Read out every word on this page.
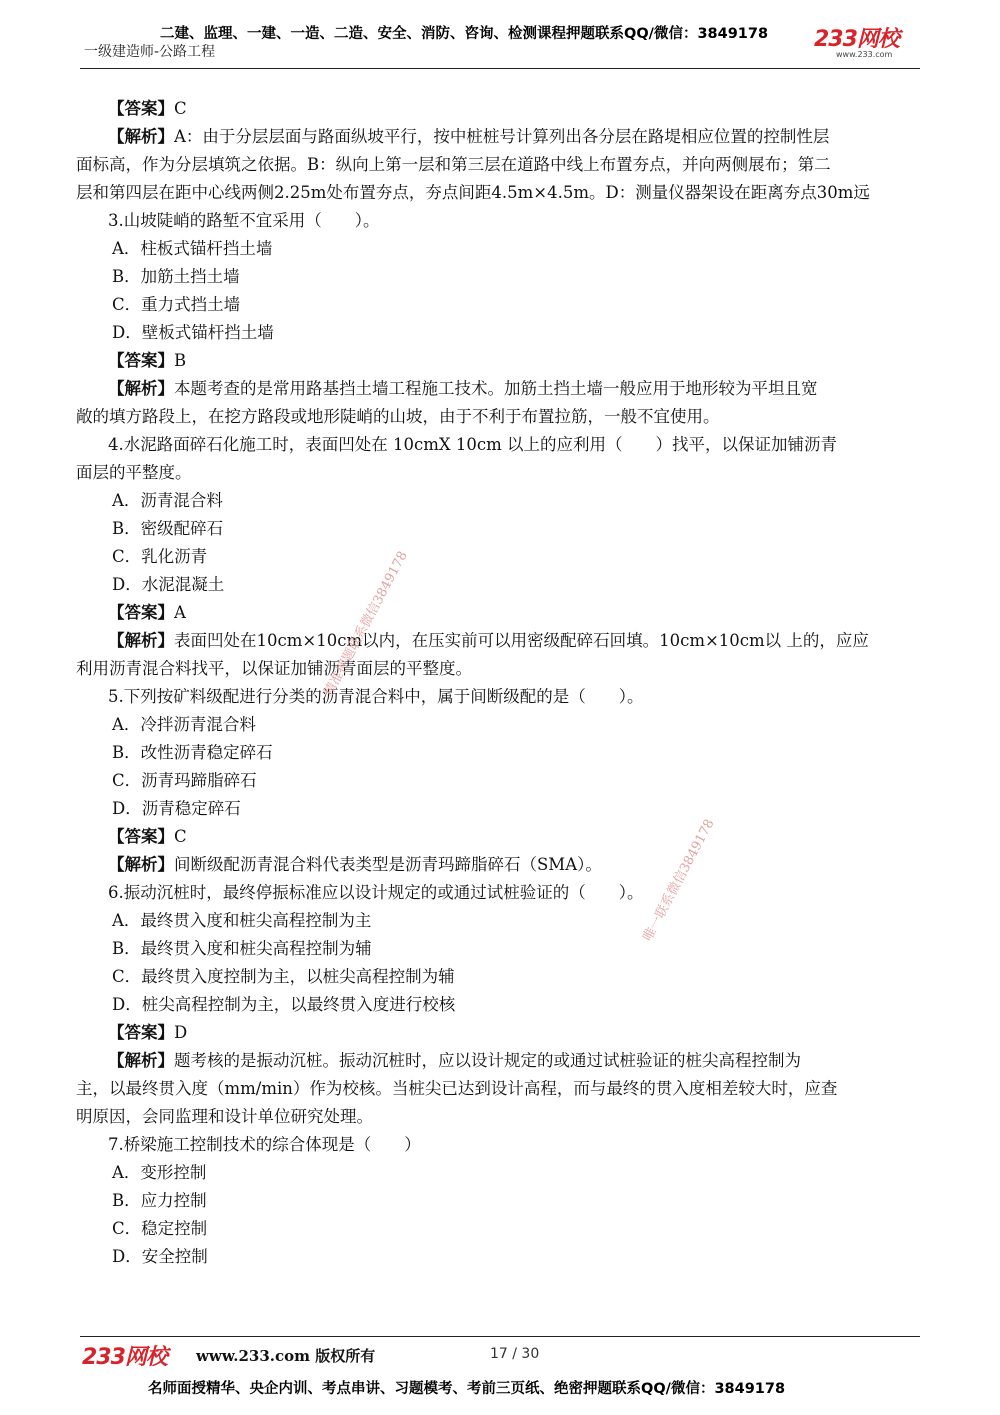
二建、监理、一建、一造、二造、安全、消防、咨询、检测课程押题联系QQ/微信：3849178
一级建造师-公路工程	233网校
www.233.com
【答案】C
【解析】A：由于分层层面与路面纵坡平行，按中桩桩号计算列出各分层在路堤相应位置的控制性层
面标高，作为分层填筑之依据。B：纵向上第一层和第三层在道路中线上布置夯点，并向两侧展布；第二
层和第四层在距中心线两侧2.25m处布置夯点，夯点间距4.5m×4.5m。D：测量仪器架设在距离夯点30m远
3.山坡陡峭的路堑不宜采用（　　）。
A．柱板式锚杆挡土墙
B．加筋土挡土墙
C．重力式挡土墙
D．壁板式锚杆挡土墙
【答案】B
【解析】本题考查的是常用路基挡土墙工程施工技术。加筋土挡土墙一般应用于地形较为平坦且宽
敞的填方路段上，在挖方路段或地形陡峭的山坡，由于不利于布置拉筋，一般不宜使用。
4.水泥路面碎石化施工时，表面凹处在 10cmX 10cm 以上的应利用（　　）找平，以保证加铺沥青
面层的平整度。
A．沥青混合料
B．密级配碎石
C．乳化沥青
D．水泥混凝土
【答案】A
【解析】表面凹处在10cm×10cm以内，在压实前可以用密级配碎石回填。10cm×10cm以 上的，应应
利用沥青混合料找平，以保证加铺沥青面层的平整度。
5.下列按矿料级配进行分类的沥青混合料中，属于间断级配的是（　　）。
A．冷拌沥青混合料
B．改性沥青稳定碎石
C．沥青玛蹄脂碎石
D．沥青稳定碎石
【答案】C
【解析】间断级配沥青混合料代表类型是沥青玛蹄脂碎石（SMA）。
6.振动沉桩时，最终停振标准应以设计规定的或通过试桩验证的（　　）。
A．最终贯入度和桩尖高程控制为主
B．最终贯入度和桩尖高程控制为辅
C．最终贯入度控制为主，以桩尖高程控制为辅
D．桩尖高程控制为主，以最终贯入度进行校核
【答案】D
【解析】题考核的是振动沉桩。振动沉桩时，应以设计规定的或通过试桩验证的桩尖高程控制为
主，以最终贯入度（mm/min）作为校核。当桩尖已达到设计高程，而与最终的贯入度相差较大时，应查
明原因，会同监理和设计单位研究处理。
7.桥梁施工控制技术的综合体现是（　　）
A．变形控制
B．应力控制
C．稳定控制
D．安全控制
精准押题联系微信3849178
唯一联系微信3849178
233网校 www.233.com 版权所有	17 / 30
名师面授精华、央企内训、考点串讲、习题模考、考前三页纸、绝密押题联系QQ/微信：3849178
